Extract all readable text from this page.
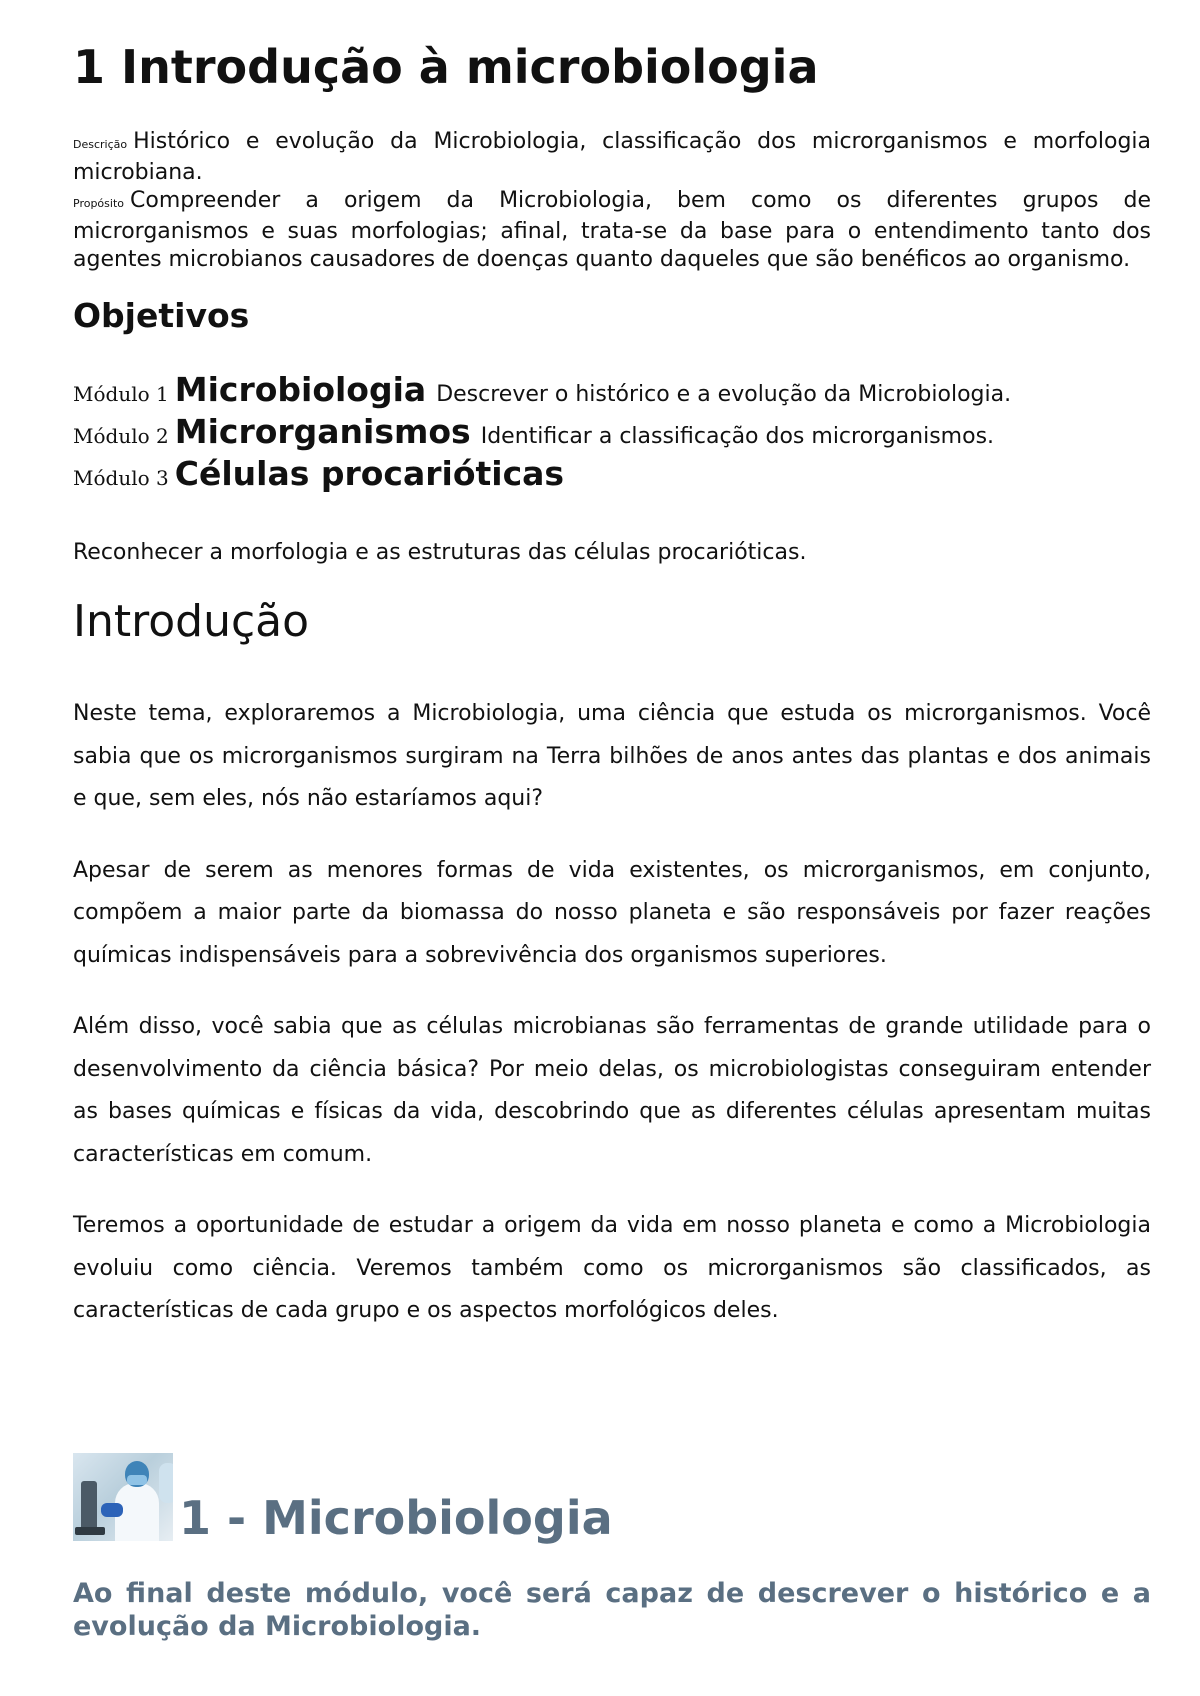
1 Introdução à microbiologia

Descrição Histórico e evolução da Microbiologia, classificação dos microrganismos e morfologia microbiana.

Propósito Compreender a origem da Microbiologia, bem como os diferentes grupos de microrganismos e suas morfologias; afinal, trata-se da base para o entendimento tanto dos agentes microbianos causadores de doenças quanto daqueles que são benéficos ao organismo.

Objetivos
Módulo 1 Microbiologia Descrever o histórico e a evolução da Microbiologia.
Módulo 2 Microrganismos Identificar a classificação dos microrganismos.
Módulo 3 Células procarióticas

Reconhecer a morfologia e as estruturas das células procarióticas.

Introdução

Neste tema, exploraremos a Microbiologia, uma ciência que estuda os microrganismos. Você sabia que os microrganismos surgiram na Terra bilhões de anos antes das plantas e dos animais e que, sem eles, nós não estaríamos aqui?

Apesar de serem as menores formas de vida existentes, os microrganismos, em conjunto, compõem a maior parte da biomassa do nosso planeta e são responsáveis por fazer reações químicas indispensáveis para a sobrevivência dos organismos superiores.

Além disso, você sabia que as células microbianas são ferramentas de grande utilidade para o desenvolvimento da ciência básica? Por meio delas, os microbiologistas conseguiram entender as bases químicas e físicas da vida, descobrindo que as diferentes células apresentam muitas características em comum.

Teremos a oportunidade de estudar a origem da vida em nosso planeta e como a Microbiologia evoluiu como ciência. Veremos também como os microrganismos são classificados, as características de cada grupo e os aspectos morfológicos deles.

1 - Microbiologia

Ao final deste módulo, você será capaz de descrever o histórico e a evolução da Microbiologia.
